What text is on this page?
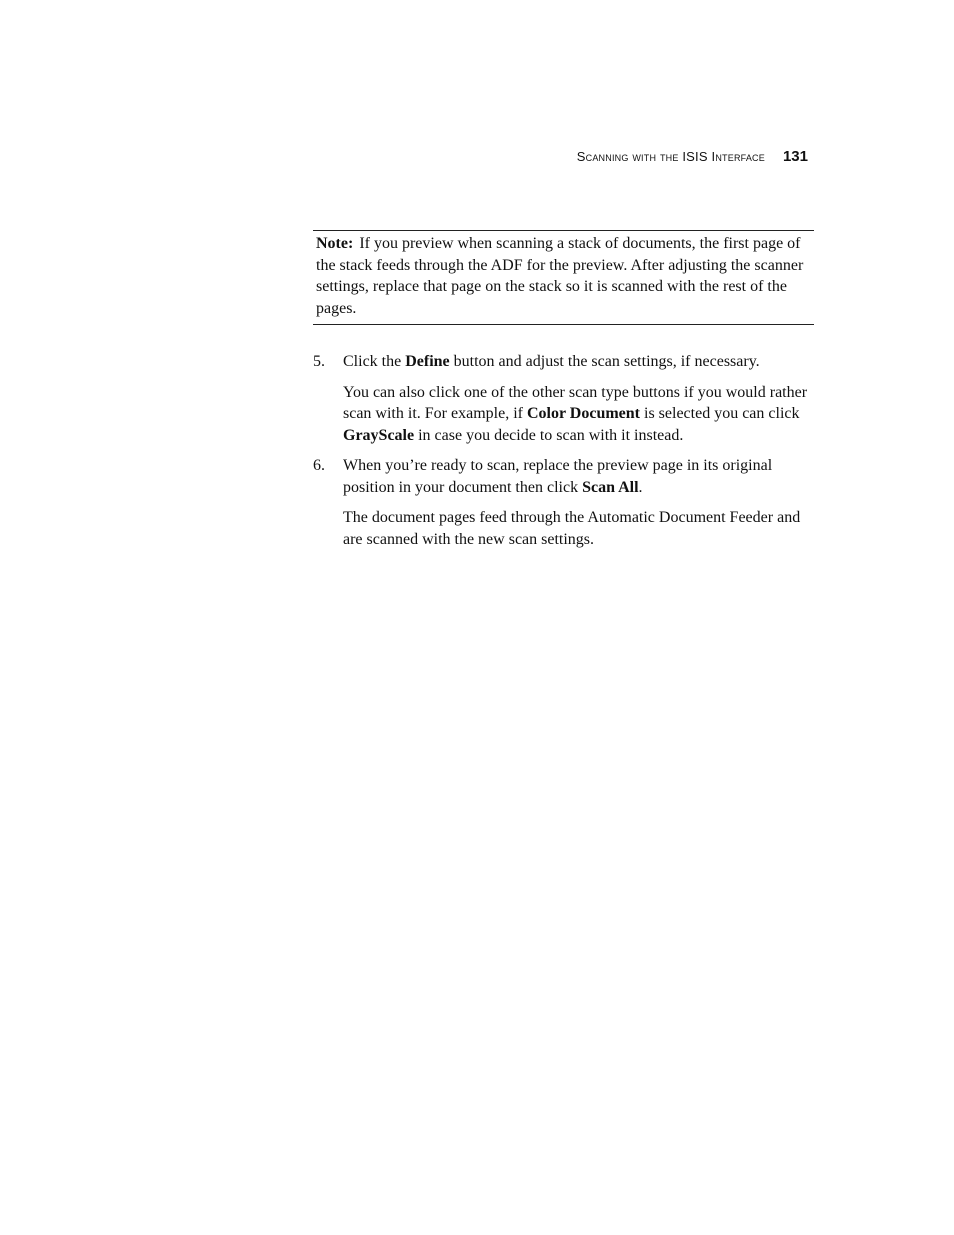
Scanning with the ISIS Interface 131
Note: If you preview when scanning a stack of documents, the first page of the stack feeds through the ADF for the preview. After adjusting the scanner settings, replace that page on the stack so it is scanned with the rest of the pages.
5. Click the Define button and adjust the scan settings, if necessary.

You can also click one of the other scan type buttons if you would rather scan with it. For example, if Color Document is selected you can click GrayScale in case you decide to scan with it instead.

6. When you’re ready to scan, replace the preview page in its original position in your document then click Scan All.

The document pages feed through the Automatic Document Feeder and are scanned with the new scan settings.
